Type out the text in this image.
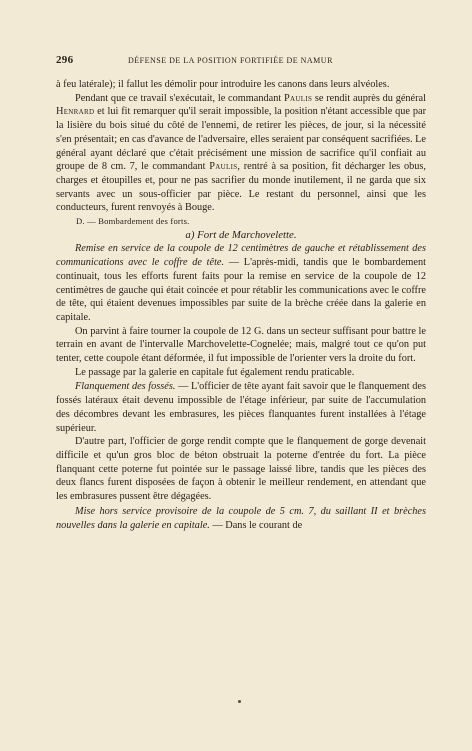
296	DÉFENSE DE LA POSITION FORTIFIÉE DE NAMUR

à feu latérale); il fallut les démolir pour introduire les canons dans leurs alvéoles.

Pendant que ce travail s'exécutait, le commandant Paulis se rendit auprès du général Henrard et lui fit remarquer qu'il serait impossible, la position n'étant accessible que par la lisière du bois situé du côté de l'ennemi, de retirer les pièces, de jour, si la nécessité s'en présentait; en cas d'avance de l'adversaire, elles seraient par conséquent sacrifiées. Le général ayant déclaré que c'était précisément une mission de sacrifice qu'il confiait au groupe de 8 cm. 7, le commandant Paulis, rentré à sa position, fit décharger les obus, charges et étoupilles et, pour ne pas sacrifier du monde inutilement, il ne garda que six servants avec un sous-officier par pièce. Le restant du personnel, ainsi que les conducteurs, furent renvoyés à Bouge.

D. — Bombardement des forts.

a) Fort de Marchovelette.

Remise en service de la coupole de 12 centimètres de gauche et rétablissement des communications avec le coffre de tête. — L'après-midi, tandis que le bombardement continuait, tous les efforts furent faits pour la remise en service de la coupole de 12 centimètres de gauche qui était coincée et pour rétablir les communications avec le coffre de tête, qui étaient devenues impossibles par suite de la brèche créée dans la galerie en capitale.

On parvint à faire tourner la coupole de 12 G. dans un secteur suffisant pour battre le terrain en avant de l'intervalle Marchovelette-Cognelée; mais, malgré tout ce qu'on put tenter, cette coupole étant déformée, il fut impossible de l'orienter vers la droite du fort.

Le passage par la galerie en capitale fut également rendu praticable.

Flanquement des fossés. — L'officier de tête ayant fait savoir que le flanquement des fossés latéraux était devenu impossible de l'étage inférieur, par suite de l'accumulation des décombres devant les embrasures, les pièces flanquantes furent installées à l'étage supérieur.

D'autre part, l'officier de gorge rendit compte que le flanquement de gorge devenait difficile et qu'un gros bloc de béton obstruait la poterne d'entrée du fort. La pièce flanquant cette poterne fut pointée sur le passage laissé libre, tandis que les pièces des deux flancs furent disposées de façon à obtenir le meilleur rendement, en attendant que les embrasures pussent être dégagées.

Mise hors service provisoire de la coupole de 5 cm. 7, du saillant II et brèches nouvelles dans la galerie en capitale. — Dans le courant de
